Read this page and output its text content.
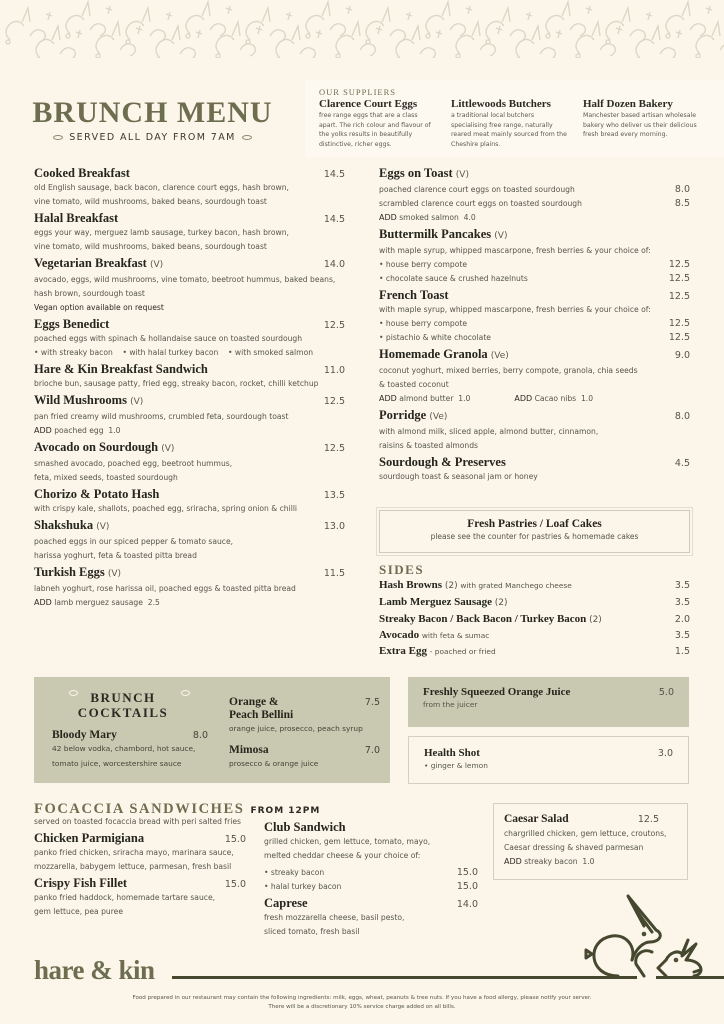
BRUNCH MENU
SERVED ALL DAY FROM 7AM
OUR SUPPLIERS
Clarence Court Eggs
free range eggs that are a class apart. The rich colour and flavour of the yolks results in beautifully distinctive, richer eggs.
Littlewoods Butchers
a traditional local butchers specialising free range, naturally reared meat mainly sourced from the Cheshire plains.
Half Dozen Bakery
Manchester based artisan wholesale bakery who deliver us their delicious fresh bread every morning.
Cooked Breakfast	14.5
old English sausage, back bacon, clarence court eggs, hash brown,
vine tomato, wild mushrooms, baked beans, sourdough toast
Halal Breakfast	14.5
eggs your way, merguez lamb sausage, turkey bacon, hash brown,
vine tomato, wild mushrooms, baked beans, sourdough toast
Vegetarian Breakfast (V)	14.0
avocado, eggs, wild mushrooms, vine tomato, beetroot hummus, baked beans,
hash brown, sourdough toast
Vegan option available on request
Eggs Benedict	12.5
poached eggs with spinach & hollandaise sauce on toasted sourdough
• with streaky bacon • with halal turkey bacon • with smoked salmon
Hare & Kin Breakfast Sandwich	11.0
brioche bun, sausage patty, fried egg, streaky bacon, rocket, chilli ketchup
Wild Mushrooms (V)	12.5
pan fried creamy wild mushrooms, crumbled feta, sourdough toast
ADD poached egg 1.0
Avocado on Sourdough (V)	12.5
smashed avocado, poached egg, beetroot hummus,
feta, mixed seeds, toasted sourdough
Chorizo & Potato Hash	13.5
with crispy kale, shallots, poached egg, sriracha, spring onion & chilli
Shakshuka (V)	13.0
poached eggs in our spiced pepper & tomato sauce,
harissa yoghurt, feta & toasted pitta bread
Turkish Eggs (V)	11.5
labneh yoghurt, rose harissa oil, poached eggs & toasted pitta bread
ADD lamb merguez sausage 2.5
Eggs on Toast (V)
poached clarence court eggs on toasted sourdough	8.0
scrambled clarence court eggs on toasted sourdough	8.5
ADD smoked salmon 4.0
Buttermilk Pancakes (V)
with maple syrup, whipped mascarpone, fresh berries & your choice of:
• house berry compote	12.5
• chocolate sauce & crushed hazelnuts	12.5
French Toast	12.5
with maple syrup, whipped mascarpone, fresh berries & your choice of:
• house berry compote	12.5
• pistachio & white chocolate	12.5
Homemade Granola (Ve)	9.0
coconut yoghurt, mixed berries, berry compote, granola, chia seeds
& toasted coconut
ADD almond butter 1.0	ADD Cacao nibs 1.0
Porridge (Ve)	8.0
with almond milk, sliced apple, almond butter, cinnamon,
raisins & toasted almonds
Sourdough & Preserves	4.5
sourdough toast & seasonal jam or honey
Fresh Pastries / Loaf Cakes
please see the counter for pastries & homemade cakes
SIDES
Hash Browns (2) with grated Manchego cheese	3.5
Lamb Merguez Sausage (2)	3.5
Streaky Bacon / Back Bacon / Turkey Bacon (2)	2.0
Avocado with feta & sumac	3.5
Extra Egg - poached or fried	1.5
BRUNCH
COCKTAILS
Bloody Mary	8.0
42 below vodka, chambord, hot sauce,
tomato juice, worcestershire sauce
Orange &	7.5
Peach Bellini
orange juice, prosecco, peach syrup
Mimosa	7.0
prosecco & orange juice
Freshly Squeezed Orange Juice	5.0
from the juicer
Health Shot	3.0
• ginger & lemon
FOCACCIA SANDWICHES FROM 12PM
served on toasted focaccia bread with peri salted fries
Chicken Parmigiana	15.0
panko fried chicken, sriracha mayo, marinara sauce,
mozzarella, babygem lettuce, parmesan, fresh basil
Crispy Fish Fillet	15.0
panko fried haddock, homemade tartare sauce,
gem lettuce, pea puree
Club Sandwich
grilled chicken, gem lettuce, tomato, mayo,
melted cheddar cheese & your choice of:
• streaky bacon	15.0
• halal turkey bacon	15.0
Caprese	14.0
fresh mozzarella cheese, basil pesto,
sliced tomato, fresh basil
Caesar Salad	12.5
chargrilled chicken, gem lettuce, croutons,
Caesar dressing & shaved parmesan
ADD streaky bacon 1.0
hare & kin
Food prepared in our restaurant may contain the following ingredients: milk, eggs, wheat, peanuts & tree nuts. If you have a food allergy, please notify your server.
There will be a discretionary 10% service charge added on all bills.
